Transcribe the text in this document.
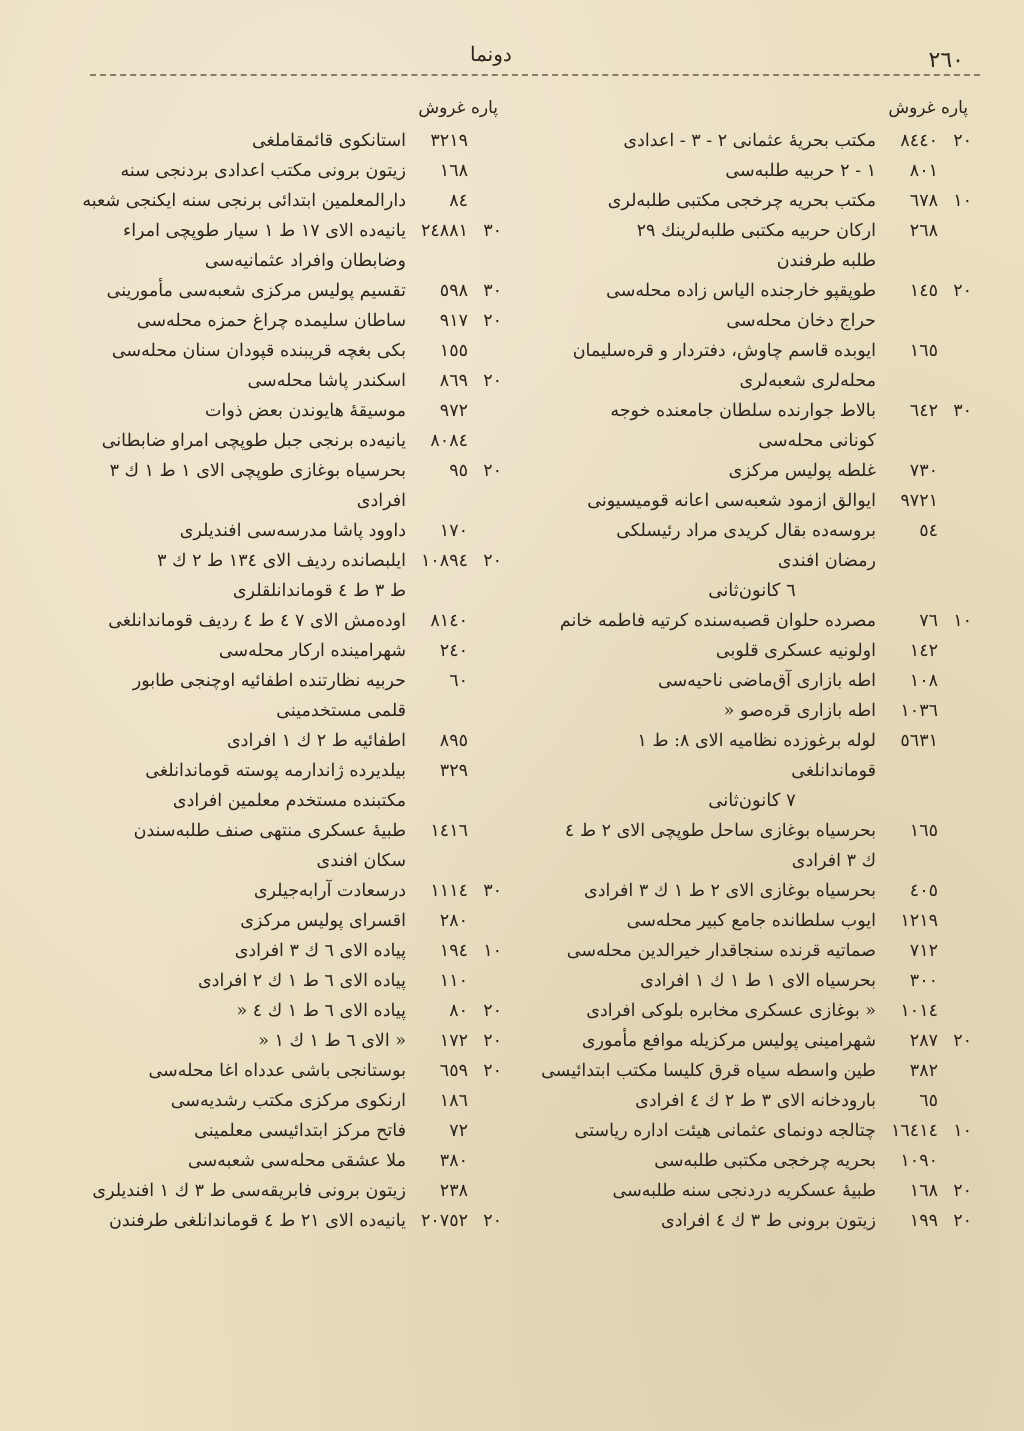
۲٦٠
دونما
پاره غروش
۲٠
۸٤٤٠
مكتب بحريهٔ عثمانى ۲ - ۳ - اعدادى
۸٠۱
۱ - ۲ حربيه طلبه‌سى
۱٠
٦٧۸
مكتب بحريه چرخجى مكتبى طلبه‌لرى
۲٦۸
اركان حربيه مكتبى طلبه‌لرينك ۲۹
طلبه طرفندن
۲٠
۱٤٥
طوپقپو خارجنده الياس زاده محله‌سى
حراج دخان محله‌سى
۱٦٥
ايوبده قاسم چاوش، دفتردار و قره‌سليمان
محله‌لرى شعبه‌لرى
۳٠
٦٤۲
بالاط جوارنده سلطان جامعنده خوجه
كونانى محله‌سى
۷۳٠
غلطه پوليس مركزى
۹۷۲۱
ايوالق ازمود شعبه‌سى اعانه قوميسيونى
٥٤
بروسه‌ده بقال كريدى مراد رئيسلكى
رمضان افندى
٦ كانون‌ثانى
۱٠
۷٦
مصرده حلوان قصبه‌سنده كرتيه فاطمه خانم
۱٤۲
اولونيه عسكرى قلوبى
۱٠۸
اطه بازارى آق‌ماضى ناحيه‌سى
۱٠۳٦
اطه بازارى قره‌صو «
٥٦۳۱
لوله برغوزده نظاميه الاى ۸: ط ۱
قوماندانلغى
۷ كانون‌ثانى
۱٦٥
بحرسياه بوغازى ساحل طوپچى الاى ۲ ط ٤
ك ۳ افرادى
٤٠٥
بحرسياه بوغازى الاى ۲ ط ۱ ك ۳ افرادى
۱۲۱۹
ايوب سلطانده جامع كبير محله‌سى
۷۱۲
صماتيه قرنده سنجاقدار خيرالدين محله‌سى
۳٠٠
بحرسياه الاى ۱ ط ۱ ك ۱ افرادى
۱٠۱٤
« بوغازى عسكرى مخابره بلوكى افرادى
۲٠
۲۸۷
شهرامينى پوليس مركزيله موافع مأمورى
۳۸۲
طين واسطه سياه قرق كليسا مكتب ابتدائيسى
٦٥
بارودخانه الاى ۳ ط ۲ ك ٤ افرادى
۱٠
۱٦٤۱٤
چتالجه دونماى عثمانى هيئت اداره رياستى
۱٠۹٠
بحريه چرخجى مكتبى طلبه‌سى
۲٠
۱٦۸
طبيهٔ عسكريه دردنجى سنه طلبه‌سى
۲٠
۱۹۹
زيتون برونى ط ۳ ك ٤ افرادى
پاره غروش
۳۲۱۹
استانكوى قائمقاملغى
۱٦۸
زيتون برونى مكتب اعدادى بردنجى سنه
۸٤
دارالمعلمين ابتدائى برنجى سنه ايكنجى شعبه
۳٠
۲٤۸۸۱
يانيه‌ده الاى ۱۷ ط ۱ سيار طوپچى امراء
وضابطان وافراد عثمانيه‌سى
۳٠
٥۹۸
تقسيم پوليس مركزى شعبه‌سى مأمورينى
۲٠
۹۱۷
ساطان سليمده چراغ حمزه محله‌سى
۱٥٥
بكى بغچه قريبنده قپودان سنان محله‌سى
۲٠
۸٦۹
اسكندر پاشا محله‌سى
۹۷۲
موسيقهٔ هايوندن بعض ذوات
۸٠۸٤
يانيه‌ده برنجى جبل طوپچى امراو ضابطانى
۲٠
۹٥
بحرسياه بوغازى طوپچى الاى ۱ ط ۱ ك ۳
افرادى
۱۷٠
داوود پاشا مدرسه‌سى افنديلرى
۲٠
۱٠۸۹٤
ايلبصانده رديف الاى ۱۳٤ ط ۲ ك ۳
ط ۳ ط ٤ قوماندانلقلرى
۸۱٤٠
اوده‌مش الاى ۷ ٤ ط ٤ رديف قوماندانلغى
۲٤٠
شهرامينده اركار محله‌سى
٦٠
حربيه نظارتنده اطفائيه اوچنجى طابور
قلمى مستخدمينى
۸۹٥
اطفائيه ط ۲ ك ۱ افرادى
۳۲۹
بيلديرده ژاندارمه پوسته قوماندانلغى
مكتبنده مستخدم معلمين افرادى
۱٤۱٦
طبيهٔ عسكرى منتهى صنف طلبه‌سندن
سكان افندى
۳٠
۱۱۱٤
درسعادت آرابه‌جيلرى
۲۸٠
اقسراى پوليس مركزى
۱٠
۱۹٤
پياده الاى ٦ ك ۳ افرادى
۱۱٠
پياده الاى ٦ ط ۱ ك ۲ افرادى
۲٠
۸٠
پياده الاى ٦ ط ۱ ك ٤ «
۲٠
۱۷۲
« الاى ٦ ط ۱ ك ۱ «
۲٠
٦٥۹
بوستانجى باشى عدداه اغا محله‌سى
۱۸٦
ارنكوى مركزى مكتب رشديه‌سى
۷۲
فاتح مركز ابتدائيسى معلمينى
۳۸٠
ملا عشقى محله‌سى شعبه‌سى
۲۳۸
زيتون برونى فابريقه‌سى ط ۳ ك ۱ افنديلرى
۲٠
۲٠۷٥۲
يانيه‌ده الاى ۲۱ ط ٤ قوماندانلغى طرفندن
